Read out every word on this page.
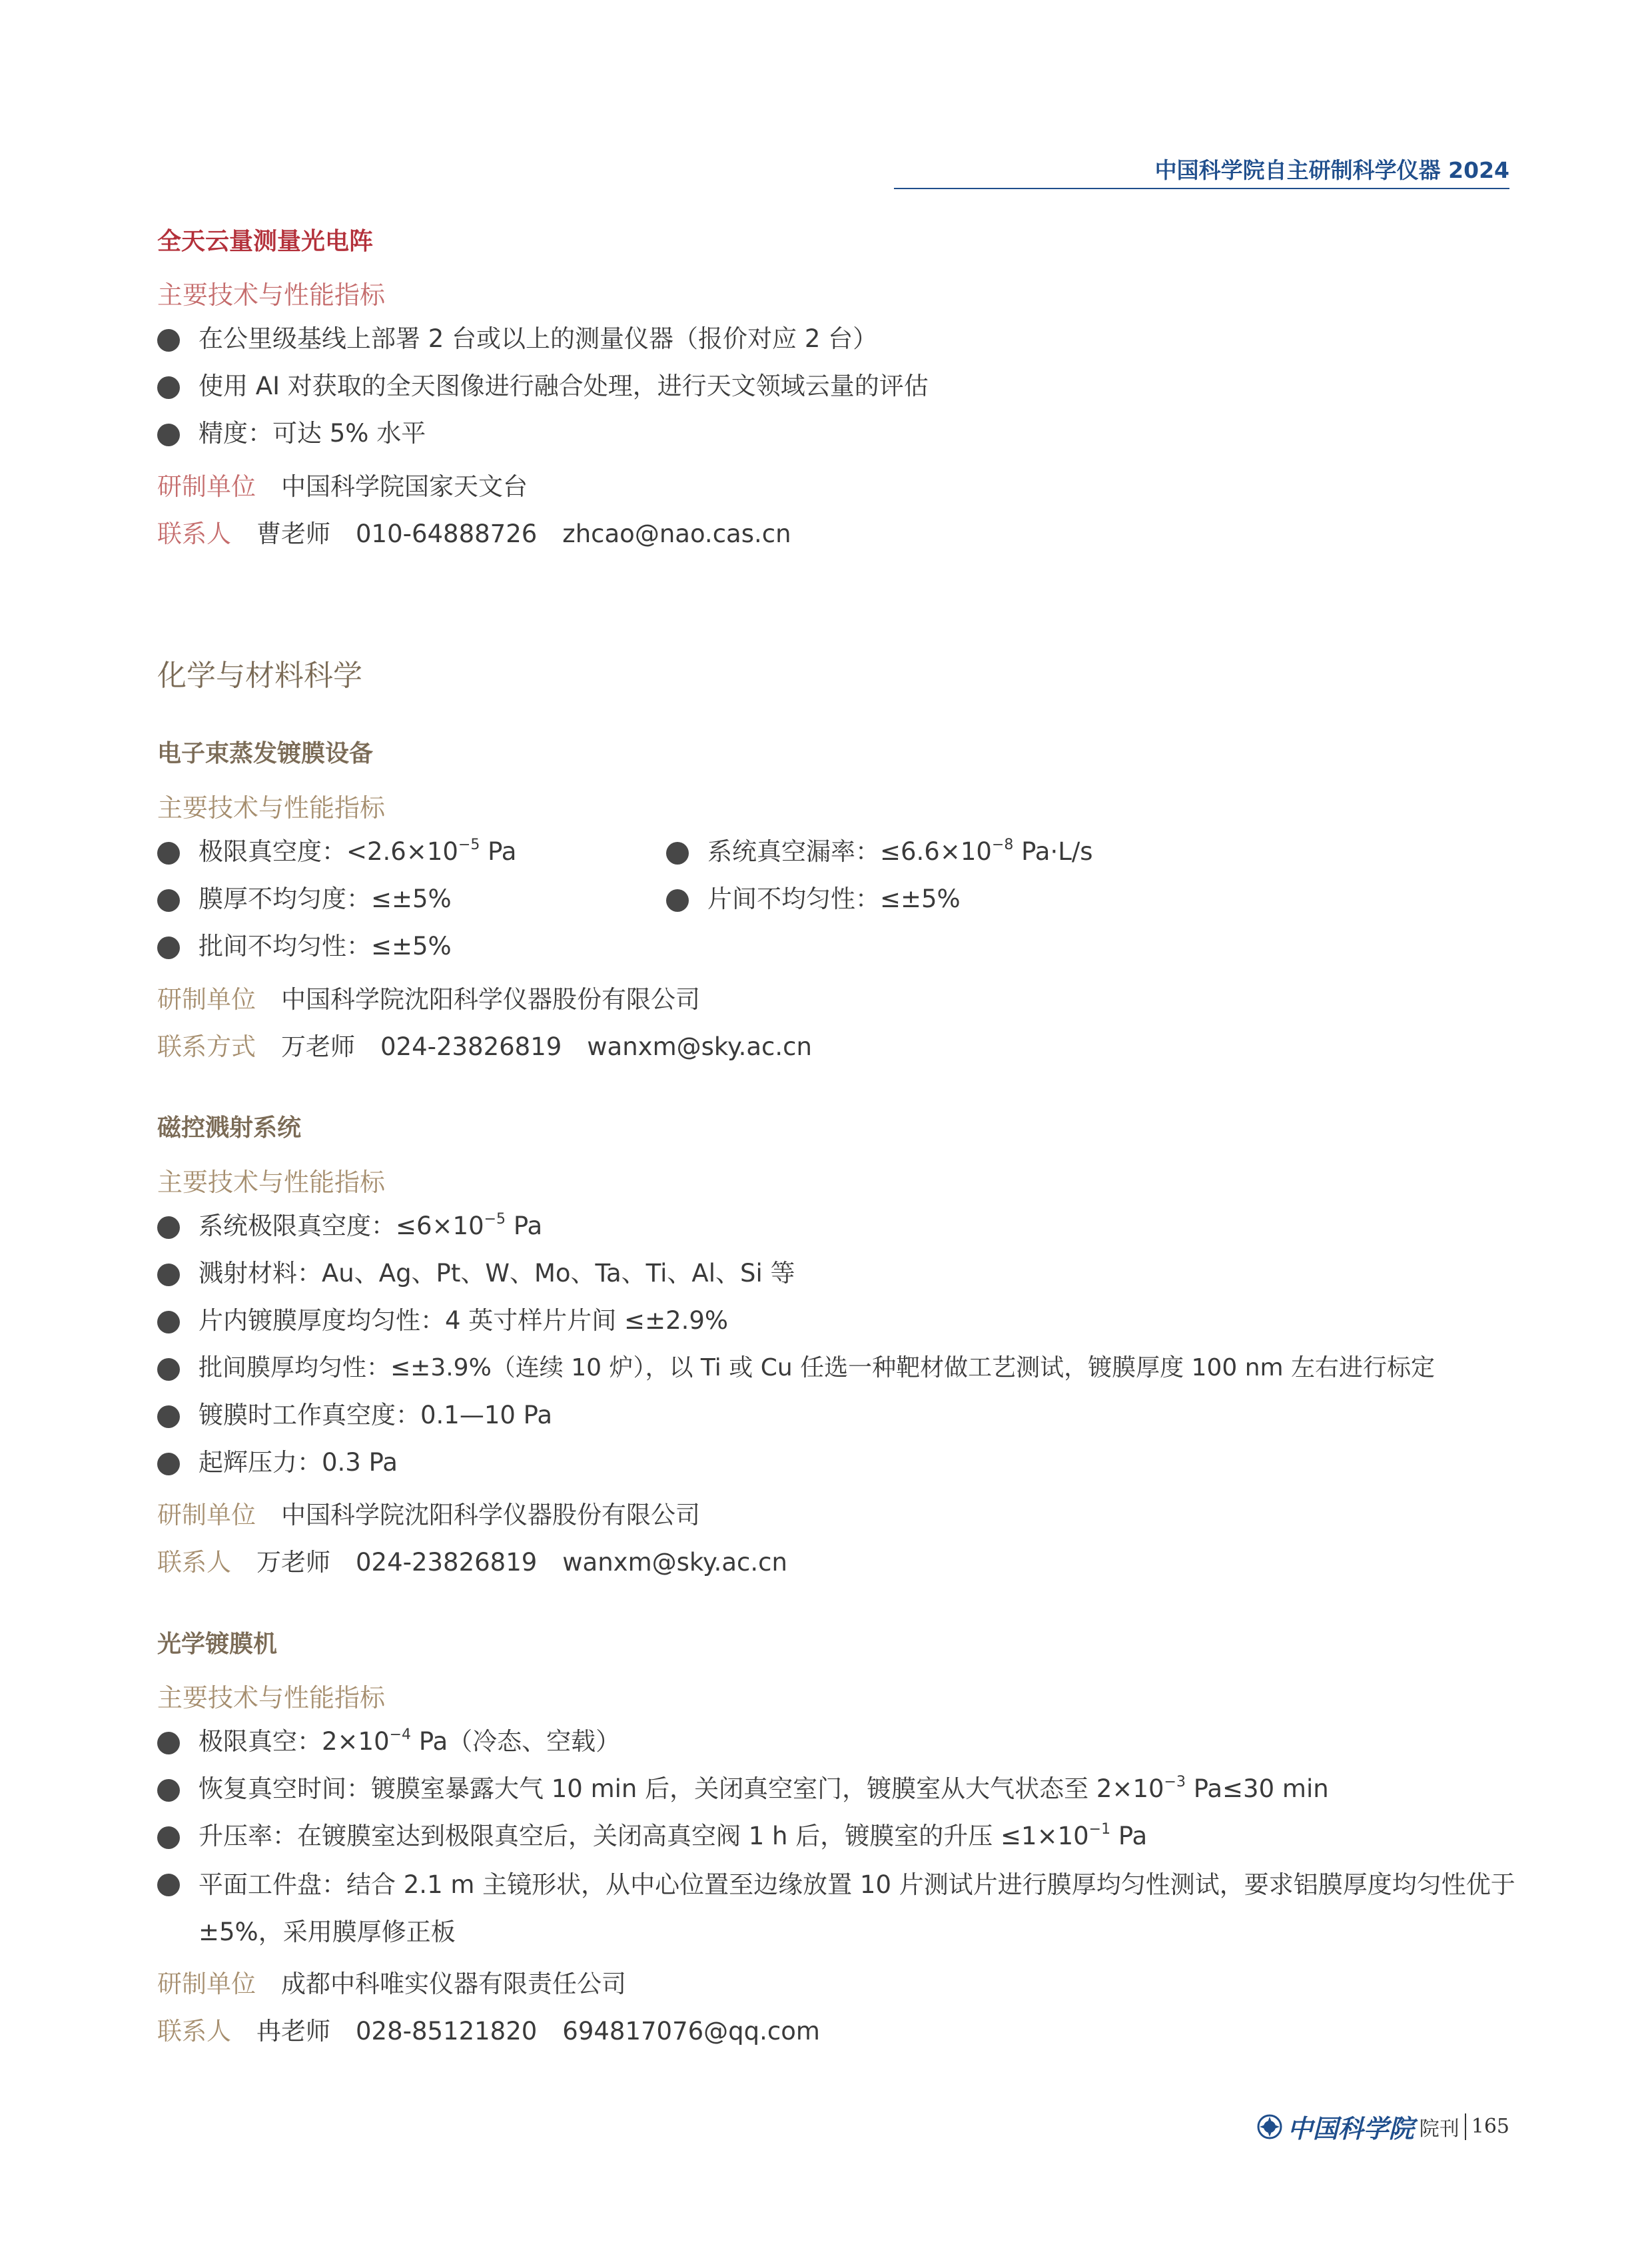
中国科学院自主研制科学仪器 2024
全天云量测量光电阵
主要技术与性能指标
在公里级基线上部署 2 台或以上的测量仪器（报价对应 2 台）
使用 AI 对获取的全天图像进行融合处理，进行天文领域云量的评估
精度：可达 5% 水平
研制单位 中国科学院国家天文台
联系人 曹老师 010-64888726 zhcao@nao.cas.cn
化学与材料科学
电子束蒸发镀膜设备
主要技术与性能指标
极限真空度：$<2.6\times 10^{-5}$ Pa	系统真空漏率：$\le 6.6\times 10^{-8}$ Pa·L/s
膜厚不均匀度：≤±5%	片间不均匀性：≤±5%
批间不均匀性：≤±5%
研制单位 中国科学院沈阳科学仪器股份有限公司
联系方式 万老师 024-23826819 wanxm@sky.ac.cn
磁控溅射系统
主要技术与性能指标
系统极限真空度：$\le 6\times 10^{-5}$ Pa
溅射材料：Au、Ag、Pt、W、Mo、Ta、Ti、Al、Si 等
片内镀膜厚度均匀性：4 英寸样片片间 ≤±2.9%
批间膜厚均匀性：≤±3.9%（连续 10 炉），以 Ti 或 Cu 任选一种靶材做工艺测试，镀膜厚度 100 nm 左右进行标定
镀膜时工作真空度：0.1—10 Pa
起辉压力：0.3 Pa
研制单位 中国科学院沈阳科学仪器股份有限公司
联系人 万老师 024-23826819 wanxm@sky.ac.cn
光学镀膜机
主要技术与性能指标
极限真空：$2\times 10^{-4}$ Pa（冷态、空载）
恢复真空时间：镀膜室暴露大气 10 min 后，关闭真空室门，镀膜室从大气状态至 $2\times 10^{-3}$ Pa≤30 min
升压率：在镀膜室达到极限真空后，关闭高真空阀 1 h 后，镀膜室的升压 $\le 1\times 10^{-1}$ Pa
平面工件盘：结合 2.1 m 主镜形状，从中心位置至边缘放置 10 片测试片进行膜厚均匀性测试，要求铝膜厚度均匀性优于 ±5%，采用膜厚修正板
研制单位 成都中科唯实仪器有限责任公司
联系人 冉老师 028-85121820 694817076@qq.com
中国科学院 院刊 165
